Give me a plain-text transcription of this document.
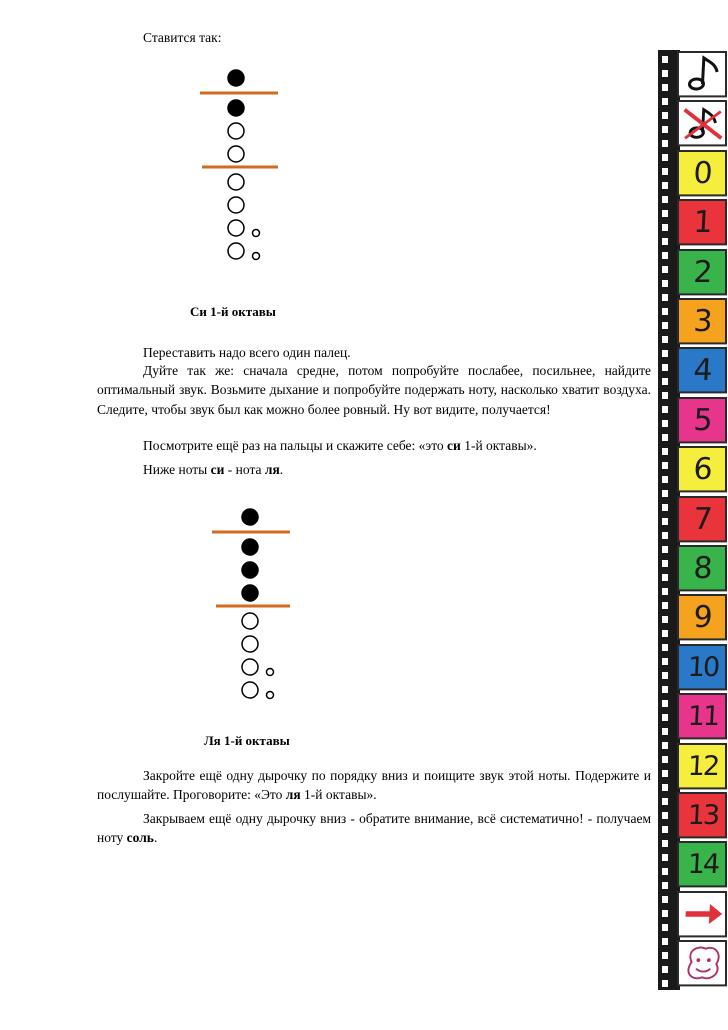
Ставится так:

Си 1-й октавы

Переставить надо всего один палец.

Дуйте так же: сначала средне, потом попробуйте послабее, посильнее, найдите оптимальный звук. Возьмите дыхание и попробуйте подержать ноту, насколько хватит воздуха. Следите, чтобы звук был как можно более ровный. Ну вот видите, получается!

Посмотрите ещё раз на пальцы и скажите себе: «это си 1-й октавы».

Ниже ноты си - нота ля.

Ля 1-й октавы

Закройте ещё одну дырочку по порядку вниз и поищите звук этой ноты. Подержите и послушайте. Проговорите: «Это ля 1-й октавы».

Закрываем ещё одну дырочку вниз - обратите внимание, всё систематично! - получаем ноту соль.

0
1
2
3
4
5
6
7
8
9
10
11
12
13
14
